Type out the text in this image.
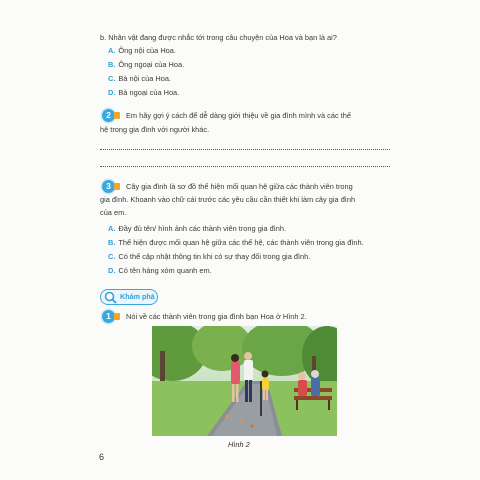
b. Nhân vật đang được nhắc tới trong câu chuyện của Hoa và bạn là ai?
A. Ông nội của Hoa.
B. Ông ngoại của Hoa.
C. Bà nội của Hoa.
D. Bà ngoại của Hoa.
2	Em hãy gợi ý cách để dễ dàng giới thiệu về gia đình mình và các thế
hệ trong gia đình với người khác.
3	Cây gia đình là sơ đồ thể hiện mối quan hệ giữa các thành viên trong
gia đình. Khoanh vào chữ cái trước các yêu cầu cần thiết khi làm cây gia đình
của em.
A. Đầy đủ tên/ hình ảnh các thành viên trong gia đình.
B. Thể hiện được mối quan hệ giữa các thế hệ, các thành viên trong gia đình.
C. Có thể cập nhật thông tin khi có sự thay đổi trong gia đình.
D. Có tên hàng xóm quanh em.
Khám phá
1	Nói về các thành viên trong gia đình bạn Hoa ở Hình 2.
Hình 2
6
